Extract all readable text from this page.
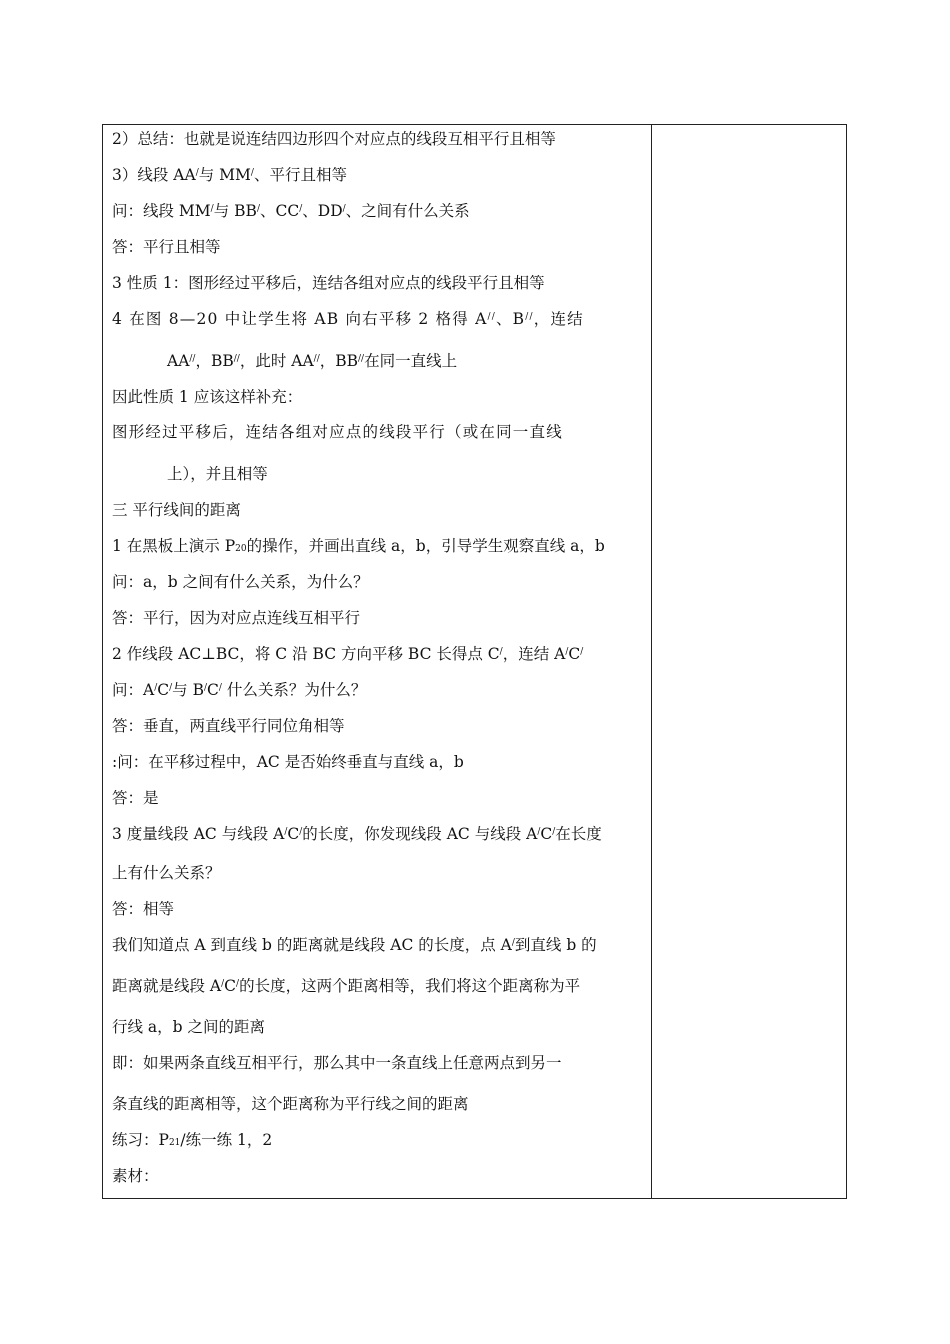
2）总结：也就是说连结四边形四个对应点的线段互相平行且相等
3）线段 AA/与 MM/、平行且相等
问：线段 MM/与 BB/、CC/、DD/、之间有什么关系
答：平行且相等
3 性质 1：图形经过平移后，连结各组对应点的线段平行且相等
4 在图 8—20 中让学生将 AB 向右平移 2 格得 A//、B//，连结
AA//，BB//，此时 AA//，BB//在同一直线上
因此性质 1 应该这样补充：
图形经过平移后，连结各组对应点的线段平行（或在同一直线
上），并且相等
三 平行线间的距离
1 在黑板上演示 P20的操作，并画出直线 a，b，引导学生观察直线 a，b
问：a，b 之间有什么关系，为什么？
答：平行，因为对应点连线互相平行
2 作线段 AC⊥BC，将 C 沿 BC 方向平移 BC 长得点 C/，连结 A/C/
问：A/C/与 B/C/ 什么关系？为什么？
答：垂直，两直线平行同位角相等
:问：在平移过程中，AC 是否始终垂直与直线 a，b
答：是
3 度量线段 AC 与线段 A/C/的长度，你发现线段 AC 与线段 A/C/在长度
上有什么关系？
答：相等
我们知道点 A 到直线 b 的距离就是线段 AC 的长度，点 A/到直线 b 的
距离就是线段 A/C/的长度，这两个距离相等，我们将这个距离称为平
行线 a，b 之间的距离
即：如果两条直线互相平行，那么其中一条直线上任意两点到另一
条直线的距离相等，这个距离称为平行线之间的距离
练习：P21/练一练 1，2
素材：
